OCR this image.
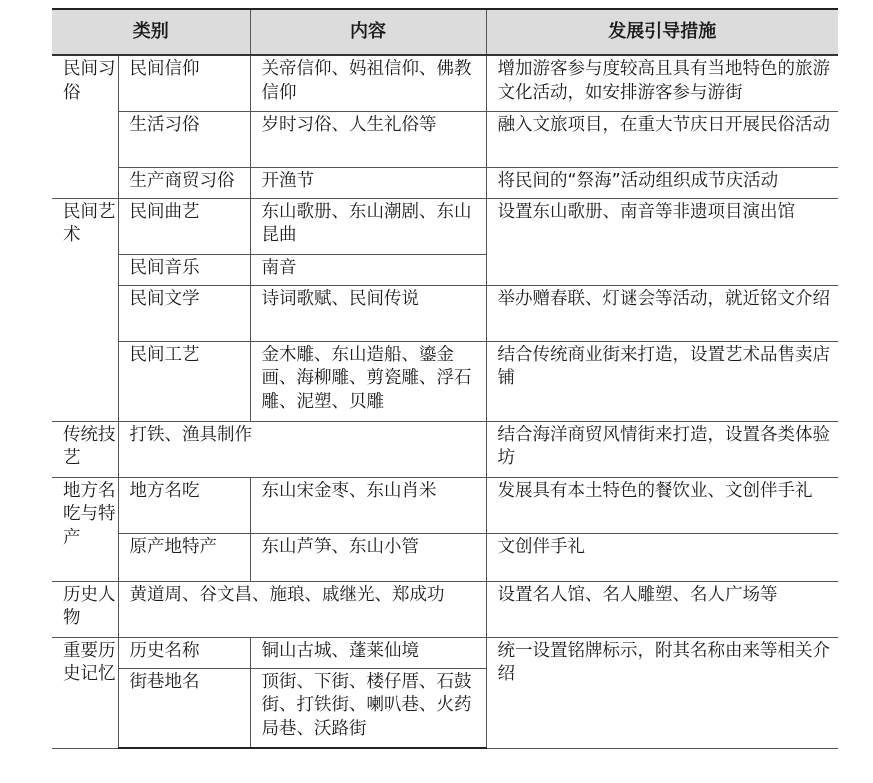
类别		内容	发展引导措施
民间习俗	民间信仰	关帝信仰、妈祖信仰、佛教信仰	增加游客参与度较高且具有当地特色的旅游文化活动，如安排游客参与游街
	生活习俗	岁时习俗、人生礼俗等	融入文旅项目，在重大节庆日开展民俗活动
	生产商贸习俗	开渔节	将民间的“祭海”活动组织成节庆活动
民间艺术	民间曲艺	东山歌册、东山潮剧、东山昆曲	设置东山歌册、南音等非遗项目演出馆
	民间音乐	南音	
	民间文学	诗词歌赋、民间传说	举办赠春联、灯谜会等活动，就近铭文介绍
	民间工艺	金木雕、东山造船、鎏金画、海柳雕、剪瓷雕、浮石雕、泥塑、贝雕	结合传统商业街来打造，设置艺术品售卖店铺
传统技艺	打铁、渔具制作		结合海洋商贸风情街来打造，设置各类体验坊
地方名吃与特产	地方名吃	东山宋金枣、东山肖米	发展具有本土特色的餐饮业、文创伴手礼
	原产地特产	东山芦笋、东山小管	文创伴手礼
历史人物	黄道周、谷文昌、施琅、戚继光、郑成功		设置名人馆、名人雕塑、名人广场等
重要历史记忆	历史名称	铜山古城、蓬莱仙境	统一设置铭牌标示，附其名称由来等相关介绍
	街巷地名	顶街、下街、楼仔厝、石鼓街、打铁街、喇叭巷、火药局巷、沃路街	
